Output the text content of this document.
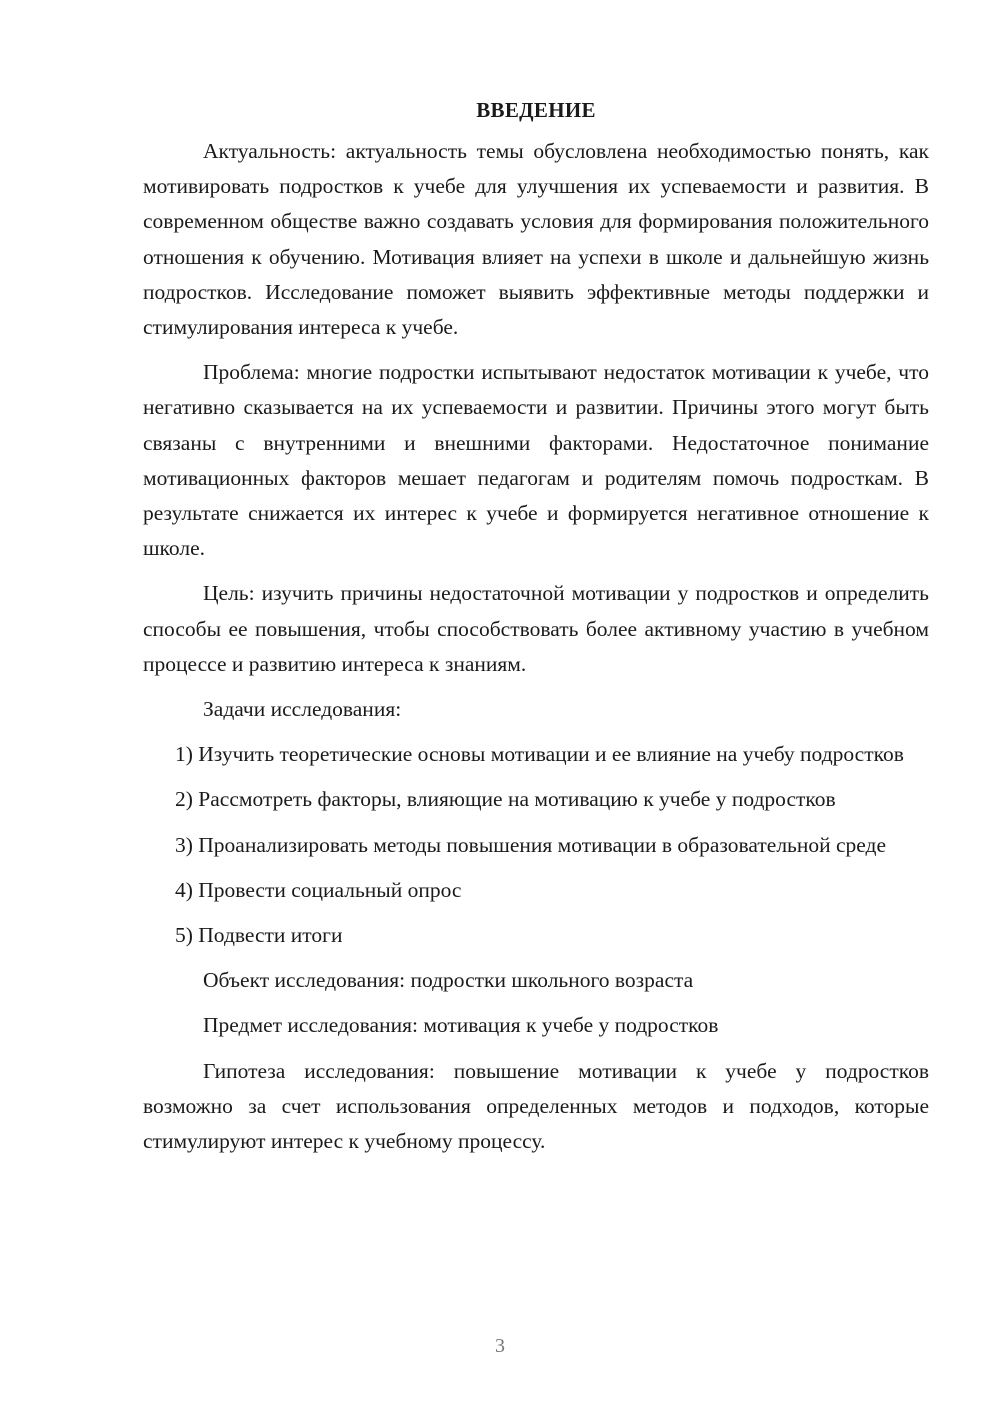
ВВЕДЕНИЕ

Актуальность: актуальность темы обусловлена необходимостью понять, как мотивировать подростков к учебе для улучшения их успеваемости и развития. В современном обществе важно создавать условия для формирования положительного отношения к обучению. Мотивация влияет на успехи в школе и дальнейшую жизнь подростков. Исследование поможет выявить эффективные методы поддержки и стимулирования интереса к учебе.

Проблема: многие подростки испытывают недостаток мотивации к учебе, что негативно сказывается на их успеваемости и развитии. Причины этого могут быть связаны с внутренними и внешними факторами. Недостаточное понимание мотивационных факторов мешает педагогам и родителям помочь подросткам. В результате снижается их интерес к учебе и формируется негативное отношение к школе.

Цель: изучить причины недостаточной мотивации у подростков и определить способы ее повышения, чтобы способствовать более активному участию в учебном процессе и развитию интереса к знаниям.

Задачи исследования:

1) Изучить теоретические основы мотивации и ее влияние на учебу подростков

2) Рассмотреть факторы, влияющие на мотивацию к учебе у подростков

3) Проанализировать методы повышения мотивации в образовательной среде

4) Провести социальный опрос

5) Подвести итоги

Объект исследования: подростки школьного возраста

Предмет исследования: мотивация к учебе у подростков

Гипотеза исследования: повышение мотивации к учебе у подростков возможно за счет использования определенных методов и подходов, которые стимулируют интерес к учебному процессу.

3
